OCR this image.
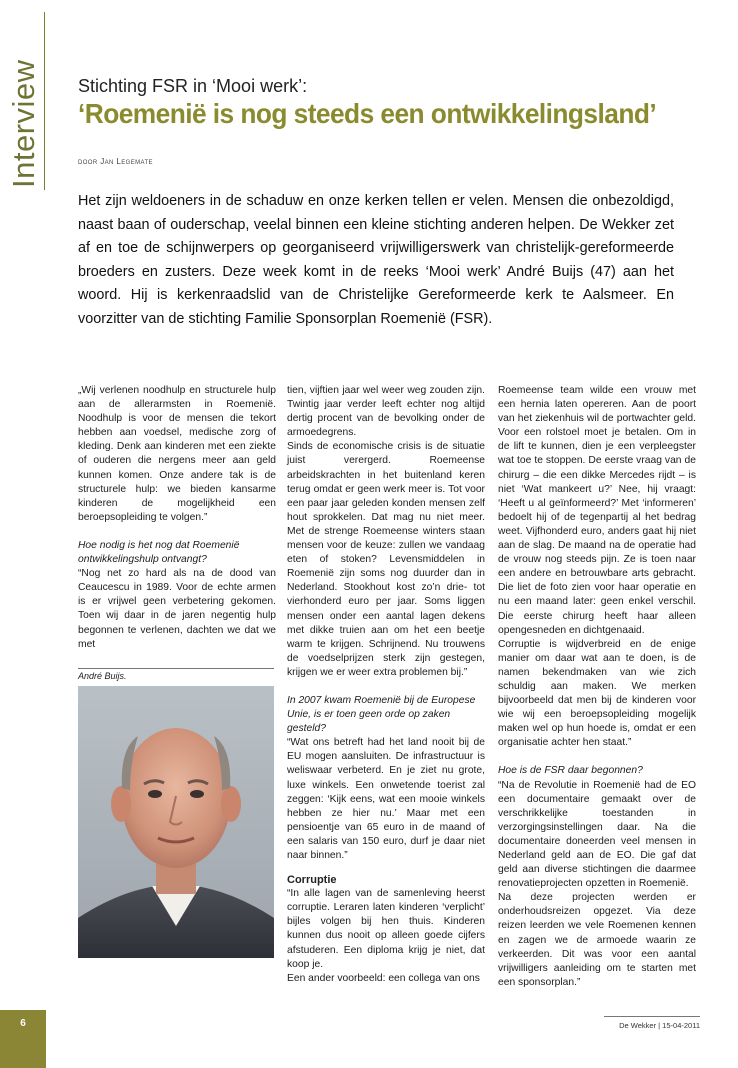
Interview Stichting FSR in ‘Mooi werk’:
‘Roemenië is nog steeds een ontwikkelingsland’
door Jan Legemate

Het zijn weldoeners in de schaduw en onze kerken tellen er velen. Mensen die onbezoldigd, naast baan of ouderschap, veelal binnen een kleine stichting anderen helpen. De Wekker zet af en toe de schijnwerpers op georganiseerd vrijwilligerswerk van christelijk-gereformeerde broeders en zusters. Deze week komt in de reeks ‘Mooi werk’ André Buijs (47) aan het woord. Hij is kerkenraadslid van de Christelijke Gereformeerde kerk te Aalsmeer. En voorzitter van de stichting Familie Sponsorplan Roemenië (FSR).

„Wij verlenen noodhulp en structurele hulp aan de allerarmsten in Roemenië. Noodhulp is voor de mensen die tekort hebben aan voedsel, medische zorg of kleding. Denk aan kinderen met een ziekte of ouderen die nergens meer aan geld kunnen komen. Onze andere tak is de structurele hulp: we bieden kansarme kinderen de mogelijkheid een beroepsopleiding te volgen.”

Hoe nodig is het nog dat Roemenië ontwikkelingshulp ontvangt?

“Nog net zo hard als na de dood van Ceaucescu in 1989. Voor de echte armen is er vrijwel geen verbetering gekomen. Toen wij daar in de jaren negentig hulp begonnen te verlenen, dachten we dat we met

André Buijs.

tien, vijftien jaar wel weer weg zouden zijn. Twintig jaar verder leeft echter nog altijd dertig procent van de bevolking onder de armoedegrens.

Sinds de economische crisis is de situatie juist verergerd. Roemeense arbeidskrachten in het buitenland keren terug omdat er geen werk meer is. Tot voor een paar jaar geleden konden mensen zelf hout sprokkelen. Dat mag nu niet meer. Met de strenge Roemeense winters staan mensen voor de keuze: zullen we vandaag eten of stoken? Levensmiddelen in Roemenië zijn soms nog duurder dan in Nederland. Stookhout kost zo’n drie- tot vierhonderd euro per jaar. Soms liggen mensen onder een aantal lagen dekens met dikke truien aan om het een beetje warm te krijgen. Schrijnend. Nu trouwens de voedselprijzen sterk zijn gestegen, krijgen we er weer extra problemen bij.”

In 2007 kwam Roemenië bij de Europese Unie, is er toen geen orde op zaken gesteld?

“Wat ons betreft had het land nooit bij de EU mogen aansluiten. De infrastructuur is weliswaar verbeterd. En je ziet nu grote, luxe winkels. Een onwetende toerist zal zeggen: ‘Kijk eens, wat een mooie winkels hebben ze hier nu.’ Maar met een pensioentje van 65 euro in de maand of een salaris van 150 euro, durf je daar niet naar binnen.”

Corruptie

“In alle lagen van de samenleving heerst corruptie. Leraren laten kinderen ‘verplicht’ bijles volgen bij hen thuis. Kinderen kunnen dus nooit op alleen goede cijfers afstuderen. Een diploma krijg je niet, dat koop je.

Een ander voorbeeld: een collega van ons

Roemeense team wilde een vrouw met een hernia laten opereren. Aan de poort van het ziekenhuis wil de portwachter geld. Voor een rolstoel moet je betalen. Om in de lift te kunnen, dien je een verpleegster wat toe te stoppen. De eerste vraag van de chirurg – die een dikke Mercedes rijdt – is niet ‘Wat mankeert u?’ Nee, hij vraagt: ‘Heeft u al geïnformeerd?’ Met ‘informeren’ bedoelt hij of de tegenpartij al het bedrag weet. Vijfhonderd euro, anders gaat hij niet aan de slag. De maand na de operatie had de vrouw nog steeds pijn. Ze is toen naar een andere en betrouwbare arts gebracht. Die liet de foto zien voor haar operatie en nu een maand later: geen enkel verschil. Die eerste chirurg heeft haar alleen opengesneden en dichtgenaaid.

Corruptie is wijdverbreid en de enige manier om daar wat aan te doen, is de namen bekendmaken van wie zich schuldig aan maken. We merken bijvoorbeeld dat men bij de kinderen voor wie wij een beroepsopleiding mogelijk maken wel op hun hoede is, omdat er een organisatie achter hen staat.”

Hoe is de FSR daar begonnen?

“Na de Revolutie in Roemenië had de EO een documentaire gemaakt over de verschrikkelijke toestanden in verzorgingsinstellingen daar. Na die documentaire doneerden veel mensen in Nederland geld aan de EO. Die gaf dat geld aan diverse stichtingen die daarmee renovatieprojecten opzetten in Roemenië.

Na deze projecten werden er onderhoudsreizen opgezet. Via deze reizen leerden we vele Roemenen kennen en zagen we de armoede waarin ze verkeerden. Dit was voor een aantal vrijwilligers aanleiding om te starten met een sponsorplan.”

6	De Wekker | 15-04-2011
